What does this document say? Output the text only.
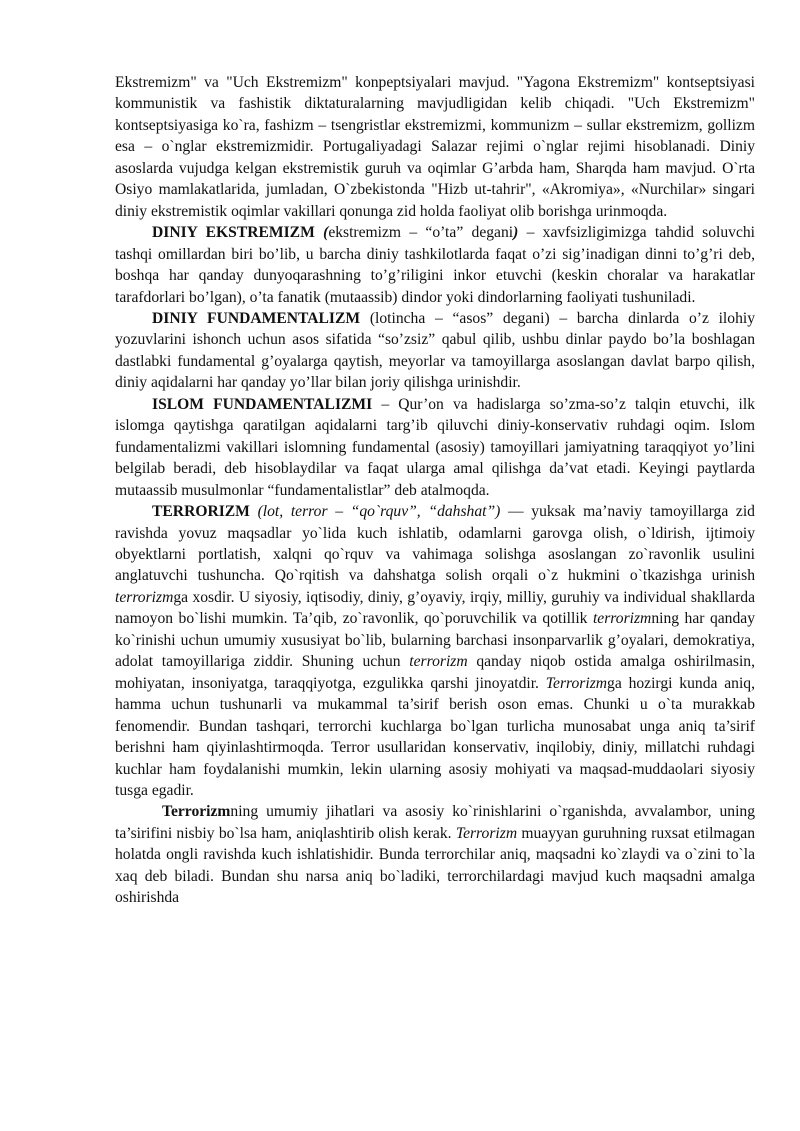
Ekstremizm" va "Uch Ekstremizm" konpeptsiyalari mavjud. "Yagona Ekstremizm" kontseptsiyasi kommunistik va fashistik diktaturalarning mavjudligidan kelib chiqadi. "Uch Ekstremizm" kontseptsiyasiga ko`ra, fashizm – tsengristlar ekstremizmi, kommunizm – sullar ekstremizm, gollizm esa – o`nglar ekstremizmidir. Portugaliyadagi Salazar rejimi o`nglar rejimi hisoblanadi. Diniy asoslarda vujudga kelgan ekstremistik guruh va oqimlar G’arbda ham, Sharqda ham mavjud. O`rta Osiyo mamlakatlarida, jumladan, O`zbekistonda "Hizb ut-tahrir", «Akromiya», «Nurchilar» singari diniy ekstremistik oqimlar vakillari qonunga zid holda faoliyat olib borishga urinmoqda.

DINIY EKSTREMIZM (ekstremizm – “o’ta” degani) – xavfsizligimizga tahdid soluvchi tashqi omillardan biri bo’lib, u barcha diniy tashkilotlarda faqat o’zi sig’inadigan dinni to’g’ri deb, boshqa har qanday dunyoqarashning to’g’riligini inkor etuvchi (keskin choralar va harakatlar tarafdorlari bo’lgan), o’ta fanatik (mutaassib) dindor yoki dindorlarning faoliyati tushuniladi.

DINIY FUNDAMENTALIZM (lotincha – “asos” degani) – barcha dinlarda o’z ilohiy yozuvlarini ishonch uchun asos sifatida “so’zsiz” qabul qilib, ushbu dinlar paydo bo’la boshlagan dastlabki fundamental g’oyalarga qaytish, meyorlar va tamoyillarga asoslangan davlat barpo qilish, diniy aqidalarni har qanday yo’llar bilan joriy qilishga urinishdir.

ISLOM FUNDAMENTALIZMI – Qur’on va hadislarga so’zma-so’z talqin etuvchi, ilk islomga qaytishga qaratilgan aqidalarni targ’ib qiluvchi diniy-konservativ ruhdagi oqim. Islom fundamentalizmi vakillari islomning fundamental (asosiy) tamoyillari jamiyatning taraqqiyot yo’lini belgilab beradi, deb hisoblaydilar va faqat ularga amal qilishga da’vat etadi. Keyingi paytlarda mutaassib musulmonlar “fundamentalistlar” deb atalmoqda.

TERRORIZM (lot, terror – “qo`rquv”, “dahshat”) — yuksak ma’naviy tamoyillarga zid ravishda yovuz maqsadlar yo`lida kuch ishlatib, odamlarni garovga olish, o`ldirish, ijtimoiy obyektlarni portlatish, xalqni qo`rquv va vahimaga solishga asoslangan zo`ravonlik usulini anglatuvchi tushuncha. Qo`rqitish va dahshatga solish orqali o`z hukmini o`tkazishga urinish terrorizmga xosdir. U siyosiy, iqtisodiy, diniy, g’oyaviy, irqiy, milliy, guruhiy va individual shakllarda namoyon bo`lishi mumkin. Ta’qib, zo`ravonlik, qo`poruvchilik va qotillik terrorizmning har qanday ko`rinishi uchun umumiy xususiyat bo`lib, bularning barchasi insonparvarlik g’oyalari, demokratiya, adolat tamoyillariga ziddir. Shuning uchun terrorizm qanday niqob ostida amalga oshirilmasin, mohiyatan, insoniyatga, taraqqiyotga, ezgulikka qarshi jinoyatdir. Terrorizmga hozirgi kunda aniq, hamma uchun tushunarli va mukammal ta’sirif berish oson emas. Chunki u o`ta murakkab fenomendir. Bundan tashqari, terrorchi kuchlarga bo`lgan turlicha munosabat unga aniq ta’sirif berishni ham qiyinlashtirmoqda. Terror usullaridan konservativ, inqilobiy, diniy, millatchi ruhdagi kuchlar ham foydalanishi mumkin, lekin ularning asosiy mohiyati va maqsad-muddaolari siyosiy tusga egadir.

Terrorizmning umumiy jihatlari va asosiy ko`rinishlarini o`rganishda, avvalambor, uning ta’sirifini nisbiy bo`lsa ham, aniqlashtirib olish kerak. Terrorizm muayyan guruhning ruxsat etilmagan holatda ongli ravishda kuch ishlatishidir. Bunda terrorchilar aniq, maqsadni ko`zlaydi va o`zini to`la xaq deb biladi. Bundan shu narsa aniq bo`ladiki, terrorchilardagi mavjud kuch maqsadni amalga oshirishda
